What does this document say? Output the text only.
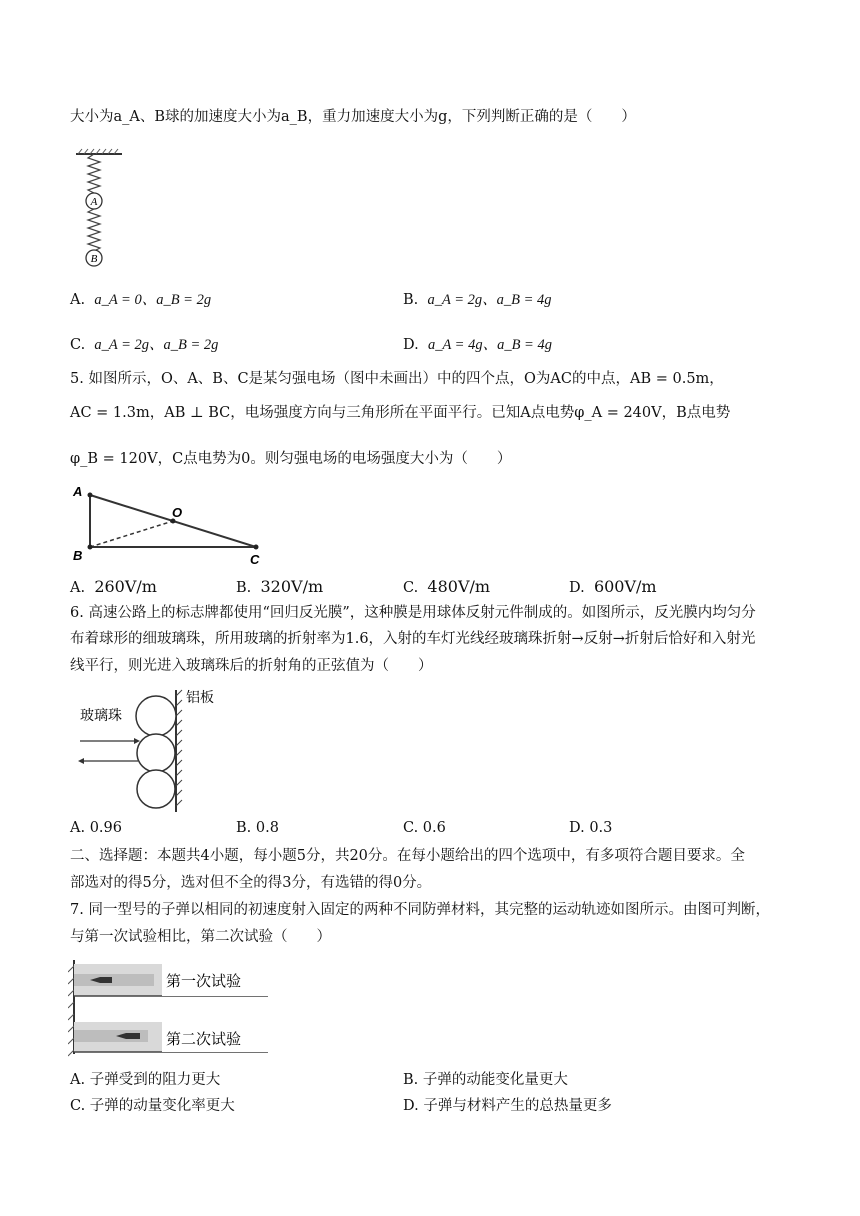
大小为a_A、B球的加速度大小为a_B，重力加速度大小为g，下列判断正确的是（　　）
A
B
A. a_A = 0、a_B = 2g	B. a_A = 2g、a_B = 4g
C. a_A = 2g、a_B = 2g	D. a_A = 4g、a_B = 4g
5. 如图所示，O、A、B、C是某匀强电场（图中未画出）中的四个点，O为AC的中点，AB = 0.5m，
AC = 1.3m，AB ⊥ BC，电场强度方向与三角形所在平面平行。已知A点电势φ_A = 240V，B点电势
φ_B = 120V，C点电势为0。则匀强电场的电场强度大小为（　　）
A
O
B	C
A. 260V/m	B. 320V/m	C. 480V/m	D. 600V/m
6. 高速公路上的标志牌都使用“回归反光膜”，这种膜是用球体反射元件制成的。如图所示，反光膜内均匀分
布着球形的细玻璃珠，所用玻璃的折射率为1.6，入射的车灯光线经玻璃珠折射→反射→折射后恰好和入射光
线平行，则光进入玻璃珠后的折射角的正弦值为（　　）
玻璃珠
铝板
A. 0.96	B. 0.8	C. 0.6	D. 0.3
二、选择题：本题共4小题，每小题5分，共20分。在每小题给出的四个选项中，有多项符合题目要求。全
部选对的得5分，选对但不全的得3分，有选错的得0分。
7. 同一型号的子弹以相同的初速度射入固定的两种不同防弹材料，其完整的运动轨迹如图所示。由图可判断，
与第一次试验相比，第二次试验（　　）
第一次试验
第二次试验
A. 子弹受到的阻力更大	B. 子弹的动能变化量更大
C. 子弹的动量变化率更大	D. 子弹与材料产生的总热量更多
